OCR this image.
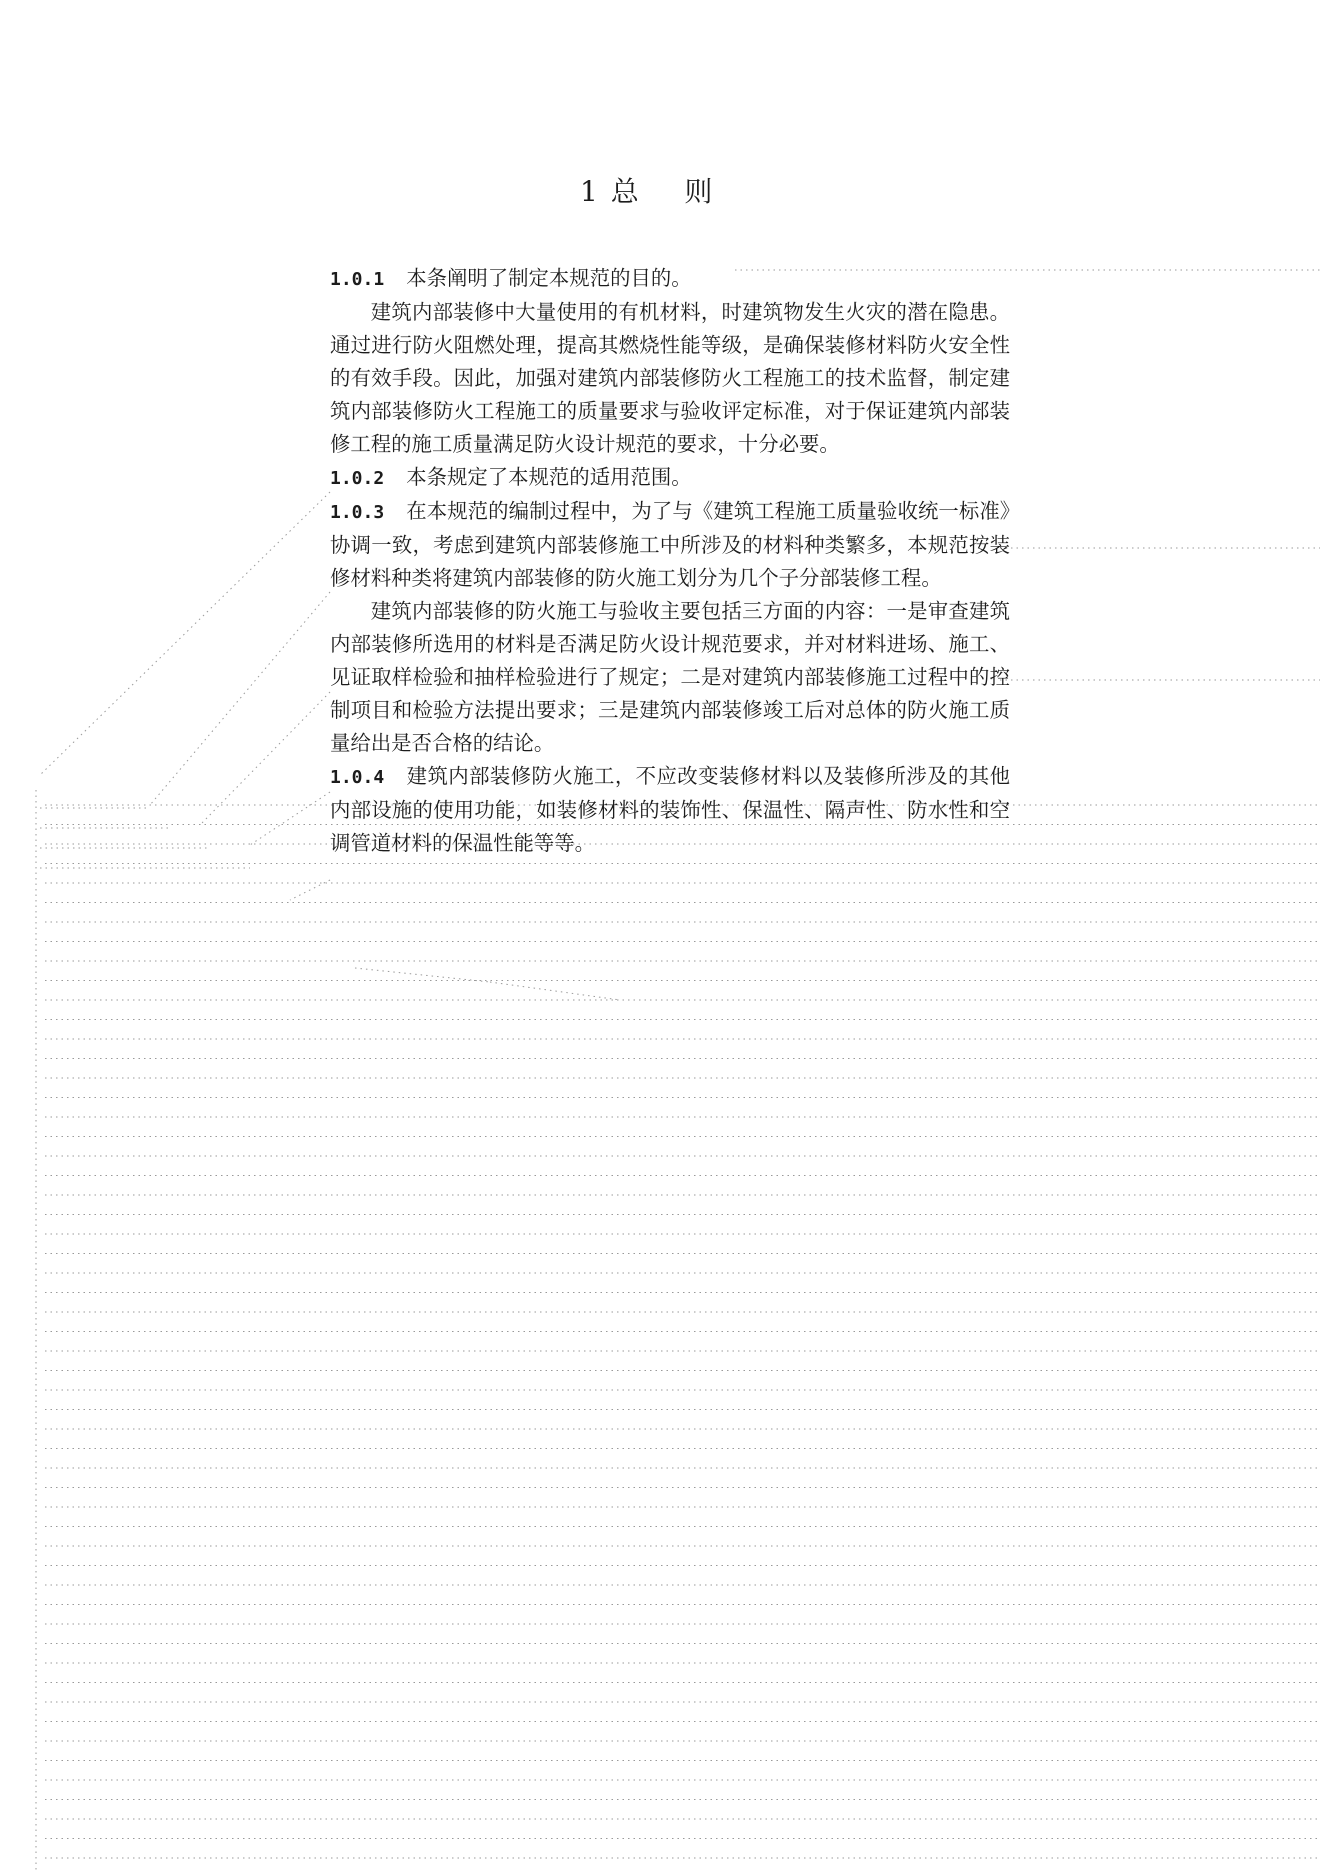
1 总    则

1.0.1 本条阐明了制定本规范的目的。

建筑内部装修中大量使用的有机材料，时建筑物发生火灾的潜在隐患。通过进行防火阻燃处理，提高其燃烧性能等级，是确保装修材料防火安全性的有效手段。因此，加强对建筑内部装修防火工程施工的技术监督，制定建筑内部装修防火工程施工的质量要求与验收评定标准，对于保证建筑内部装修工程的施工质量满足防火设计规范的要求，十分必要。

1.0.2 本条规定了本规范的适用范围。

1.0.3 在本规范的编制过程中，为了与《建筑工程施工质量验收统一标准》协调一致，考虑到建筑内部装修施工中所涉及的材料种类繁多，本规范按装修材料种类将建筑内部装修的防火施工划分为几个子分部装修工程。

建筑内部装修的防火施工与验收主要包括三方面的内容：一是审查建筑内部装修所选用的材料是否满足防火设计规范要求，并对材料进场、施工、见证取样检验和抽样检验进行了规定；二是对建筑内部装修施工过程中的控制项目和检验方法提出要求；三是建筑内部装修竣工后对总体的防火施工质量给出是否合格的结论。

1.0.4 建筑内部装修防火施工，不应改变装修材料以及装修所涉及的其他内部设施的使用功能，如装修材料的装饰性、保温性、隔声性、防水性和空调管道材料的保温性能等等。
